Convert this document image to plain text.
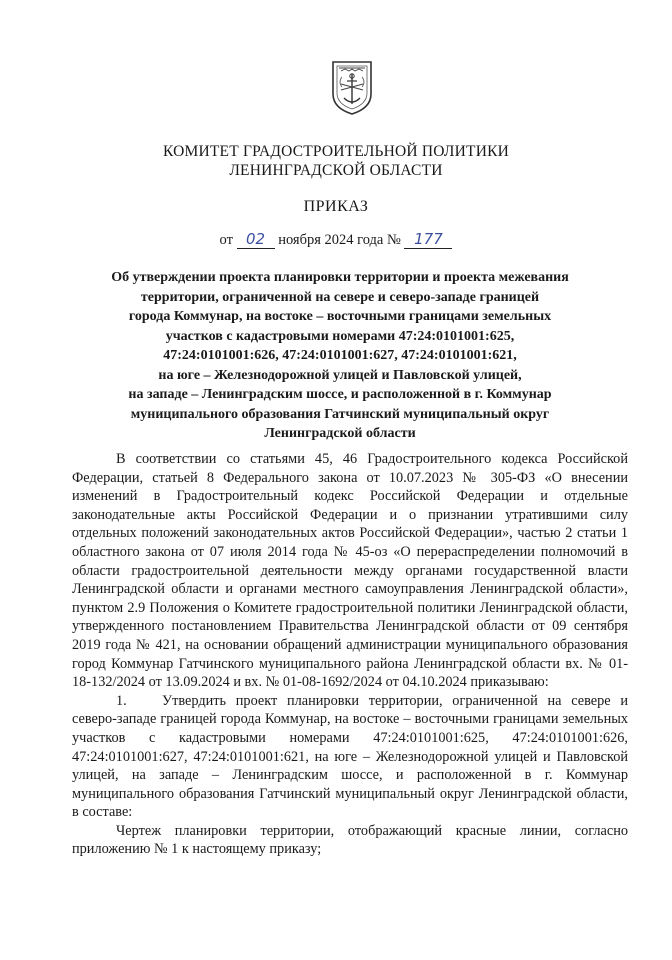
КОМИТЕТ ГРАДОСТРОИТЕЛЬНОЙ ПОЛИТИКИ
ЛЕНИНГРАДСКОЙ ОБЛАСТИ
ПРИКАЗ
от 02 ноября 2024 года № 177
Об утверждении проекта планировки территории и проекта межевания
территории, ограниченной на севере и северо-западе границей
города Коммунар, на востоке – восточными границами земельных
участков с кадастровыми номерами 47:24:0101001:625,
47:24:0101001:626, 47:24:0101001:627, 47:24:0101001:621,
на юге – Железнодорожной улицей и Павловской улицей,
на западе – Ленинградским шоссе, и расположенной в г. Коммунар
муниципального образования Гатчинский муниципальный округ
Ленинградской области

В соответствии со статьями 45, 46 Градостроительного кодекса Российской Федерации, статьей 8 Федерального закона от 10.07.2023 № 305-ФЗ «О внесении изменений в Градостроительный кодекс Российской Федерации и отдельные законодательные акты Российской Федерации и о признании утратившими силу отдельных положений законодательных актов Российской Федерации», частью 2 статьи 1 областного закона от 07 июля 2014 года № 45-оз «О перераспределении полномочий в области градостроительной деятельности между органами государственной власти Ленинградской области и органами местного самоуправления Ленинградской области», пунктом 2.9 Положения о Комитете градостроительной политики Ленинградской области, утвержденного постановлением Правительства Ленинградской области от 09 сентября 2019 года № 421, на основании обращений администрации муниципального образования город Коммунар Гатчинского муниципального района Ленинградской области вх. № 01-18-132/2024 от 13.09.2024 и вх. № 01-08-1692/2024 от 04.10.2024 приказываю:

1. Утвердить проект планировки территории, ограниченной на севере и северо-западе границей города Коммунар, на востоке – восточными границами земельных участков с кадастровыми номерами 47:24:0101001:625, 47:24:0101001:626, 47:24:0101001:627, 47:24:0101001:621, на юге – Железнодорожной улицей и Павловской улицей, на западе – Ленинградским шоссе, и расположенной в г. Коммунар муниципального образования Гатчинский муниципальный округ Ленинградской области, в составе:

Чертеж планировки территории, отображающий красные линии, согласно приложению № 1 к настоящему приказу;
